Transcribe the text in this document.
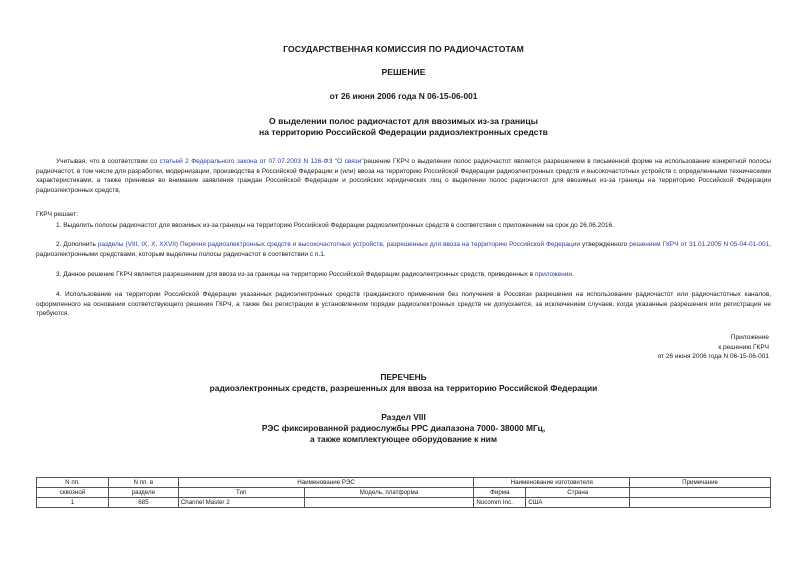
ГОСУДАРСТВЕННАЯ КОМИССИЯ ПО РАДИОЧАСТОТАМ
РЕШЕНИЕ
от 26 июня 2006 года N 06-15-06-001
О выделении полос радиочастот для ввозимых из-за границы
на территорию Российской Федерации радиоэлектронных средств
Учитывая, что в соответствии со статьей 2 Федерального закона от 07.07.2003 N 126-ФЗ "О связи"решение ГКРЧ о выделении полос радиочастот является разрешением в письменной форме на использование конкретной полосы радиочастот, в том числе для разработки, модернизации, производства в Российской Федерации и (или) ввоза на территорию Российской Федерации радиоэлектронных средств и высокочастотных устройств с определенными техническими характеристиками, а также принимая во внимание заявления граждан Российской Федерации и российских юридических лиц о выделении полос радиочастот для ввозимых из-за границы на территорию Российской Федерации радиоэлектронных средств,
ГКРЧ решает:
1. Выделить полосы радиочастот для ввозимых из-за границы на территорию Российской Федерации радиоэлектронных средств в соответствии с приложением на срок до 26.06.2016.
2. Дополнить разделы (VIII, IX, X, XXVII) Перечня радиоэлектронных средств и высокочастотных устройств, разрешенных для ввоза на территорию Российской Федерации утвержденного решением ГКРЧ от 31.01.2005 N 05-04-01-001, радиоэлектронными средствами, которым выделены полосы радиочастот в соответствии с п.1.
3. Данное решение ГКРЧ является разрешением для ввоза из-за границы на территорию Российской Федерации радиоэлектронных средств, приведенных в приложении.
4. Использование на территории Российской Федерации указанных радиоэлектронных средств гражданского применения без получения в Россвязи разрешения на использование радиочастот или радиочастотных каналов, оформленного на основании соответствующего решения ГКРЧ, а также без регистрации в установленном порядке радиоэлектронных средств не допускается, за исключением случаев, когда указанные разрешения или регистрация не требуются.
Приложение
к решению ГКРЧ
от 26 июня 2006 года N 06-15-06-001
ПЕРЕЧЕНЬ
радиоэлектронных средств, разрешенных для ввоза на территорию Российской Федерации
Раздел VIII
РЭС фиксированной радиослужбы РРС диапазона 7000- 38000 МГц,
а также комплектующее оборудование к ним
N пп.	N пп. в	Наименование РЭС		Наименование изготовителя		Примечание
сквозной	разделе	Тип	Модель, платформа	Фирма	Страна	
1	685	Channel Master 2		Nucomm Inc.	США	
